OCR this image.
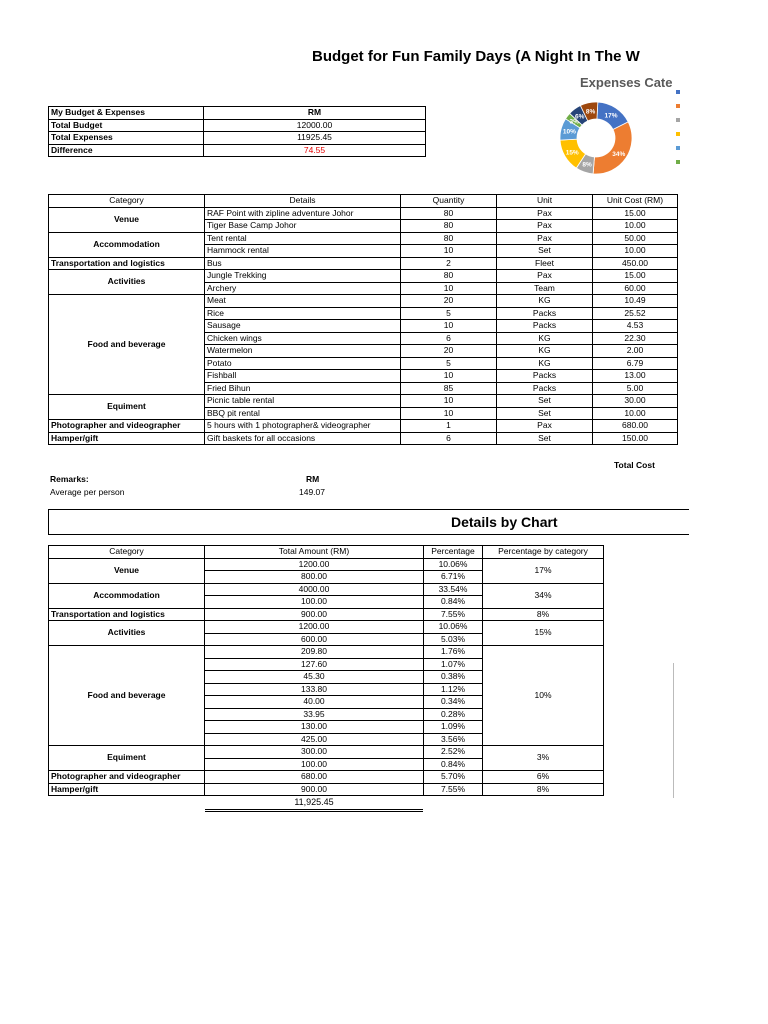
Budget for Fun Family Days (A Night In The W
Expenses Cate
17%
34%
8%
15%
10%
3%
6%
8%
My Budget & Expenses	RM
Total Budget	12000.00
Total Expenses	11925.45
Difference	74.55
Category	Details	Quantity	Unit	Unit Cost (RM)
Venue	RAF Point with zipline adventure Johor	80	Pax	15.00
	Tiger Base Camp Johor	80	Pax	10.00
Accommodation	Tent rental	80	Pax	50.00
	Hammock rental	10	Set	10.00
Transportation and logistics	Bus	2	Fleet	450.00
Activities	Jungle Trekking	80	Pax	15.00
	Archery	10	Team	60.00
Food and beverage	Meat	20	KG	10.49
	Rice	5	Packs	25.52
	Sausage	10	Packs	4.53
	Chicken wings	6	KG	22.30
	Watermelon	20	KG	2.00
	Potato	5	KG	6.79
	Fishball	10	Packs	13.00
	Fried Bihun	85	Packs	5.00
Equiment	Picnic table rental	10	Set	30.00
	BBQ pit rental	10	Set	10.00
Photographer and videographer	5 hours with 1 photographer& videographer	1	Pax	680.00
Hamper/gift	Gift baskets for all occasions	6	Set	150.00
Total Cost
Remarks:	RM
Average per person	149.07
Details by Chart
Category	Total Amount (RM)	Percentage	Percentage by category
Venue	1200.00	10.06%	17%
	800.00	6.71%	
Accommodation	4000.00	33.54%	34%
	100.00	0.84%	
Transportation and logistics	900.00	7.55%	8%
Activities	1200.00	10.06%	15%
	600.00	5.03%	
Food and beverage	209.80	1.76%	10%
	127.60	1.07%	
	45.30	0.38%	
	133.80	1.12%	
	40.00	0.34%	
	33.95	0.28%	
	130.00	1.09%	
	425.00	3.56%	
Equiment	300.00	2.52%	3%
	100.00	0.84%	
Photographer and videographer	680.00	5.70%	6%
Hamper/gift	900.00	7.55%	8%
11,925.45
